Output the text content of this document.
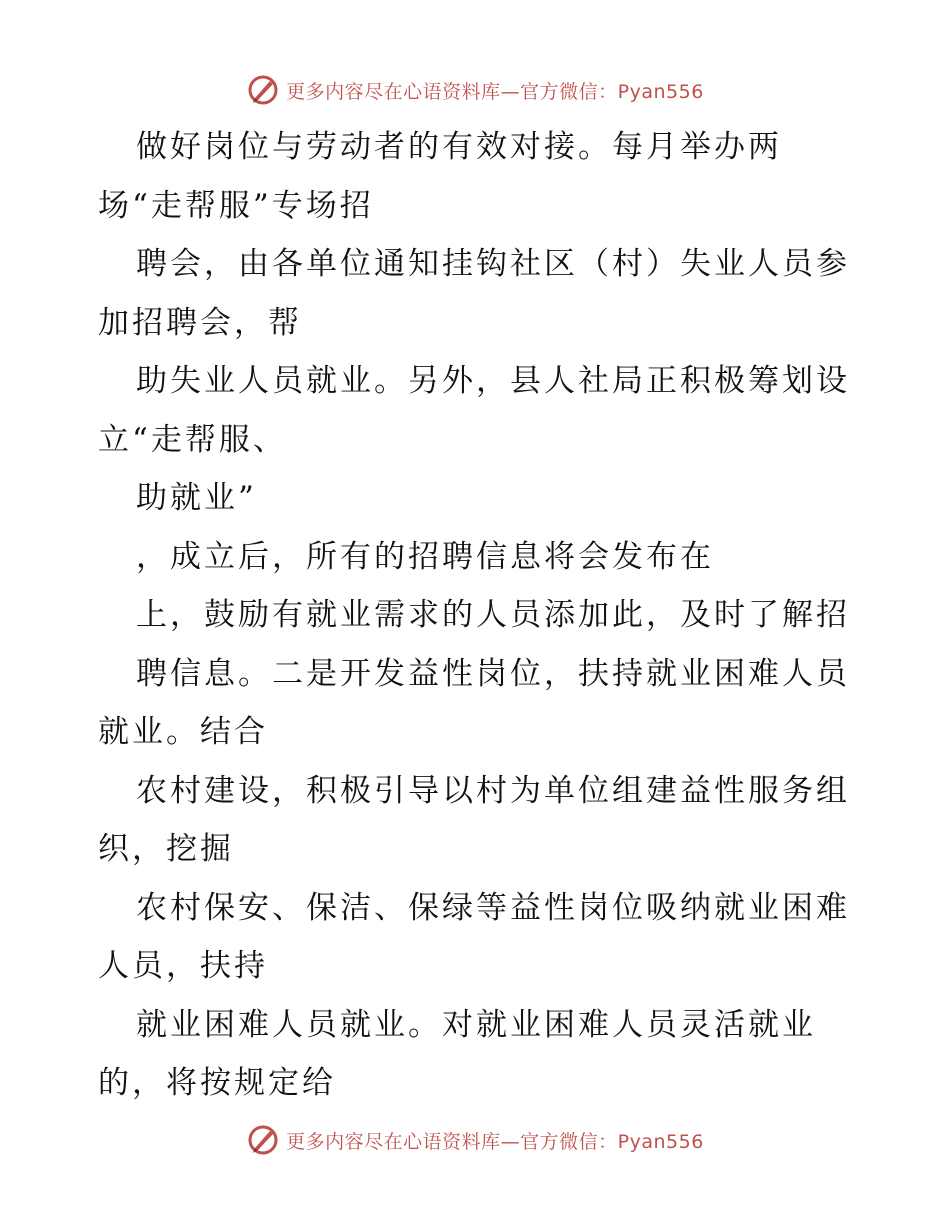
更多内容尽在心语资料库—官方微信：Pyan556
做好岗位与劳动者的有效对接。每月举办两
场“走帮服”专场招
聘会，由各单位通知挂钩社区（村）失业人员参
加招聘会，帮
助失业人员就业。另外，县人社局正积极筹划设
立“走帮服、
助就业”
，成立后，所有的招聘信息将会发布在
上，鼓励有就业需求的人员添加此，及时了解招
聘信息。二是开发益性岗位，扶持就业困难人员
就业。结合
农村建设，积极引导以村为单位组建益性服务组
织，挖掘
农村保安、保洁、保绿等益性岗位吸纳就业困难
人员，扶持
就业困难人员就业。对就业困难人员灵活就业
的，将按规定给
更多内容尽在心语资料库—官方微信：Pyan556
